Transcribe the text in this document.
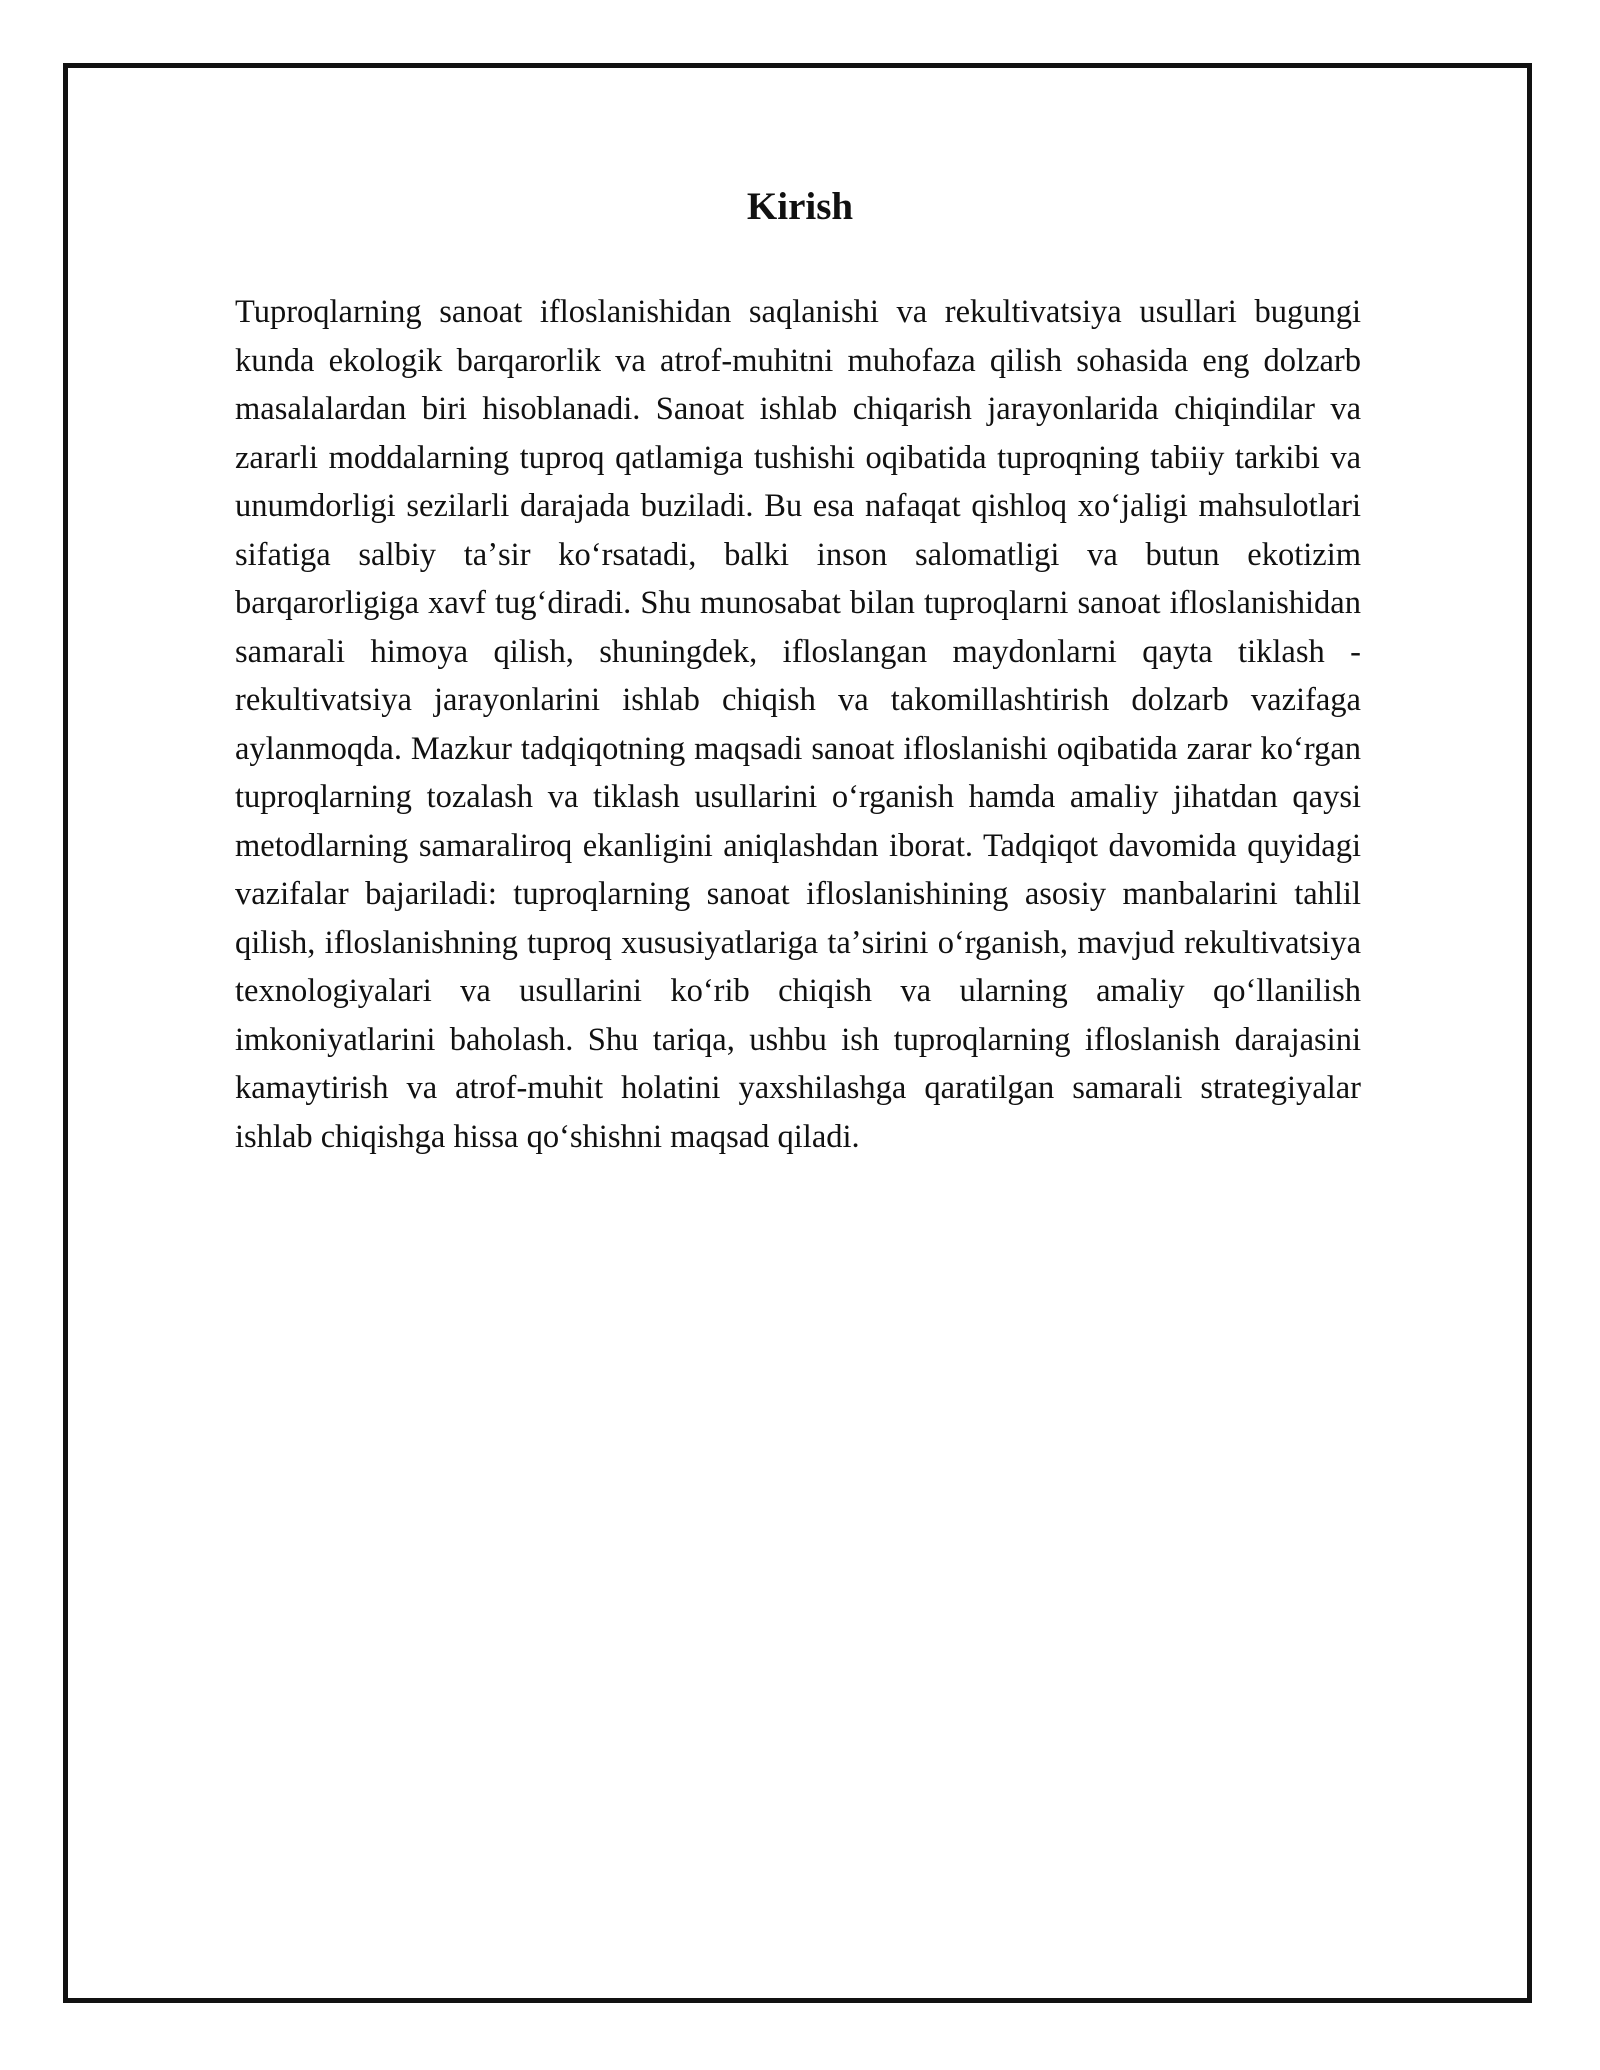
Kirish

Tuproqlarning sanoat ifloslanishidan saqlanishi va rekultivatsiya usullari bugungi kunda ekologik barqarorlik va atrof-muhitni muhofaza qilish sohasida eng dolzarb masalalardan biri hisoblanadi. Sanoat ishlab chiqarish jarayonlarida chiqindilar va zararli moddalarning tuproq qatlamiga tushishi oqibatida tuproqning tabiiy tarkibi va unumdorligi sezilarli darajada buziladi. Bu esa nafaqat qishloq xoʻjaligi mahsulotlari sifatiga salbiy taʼsir koʻrsatadi, balki inson salomatligi va butun ekotizim barqarorligiga xavf tugʻdiradi. Shu munosabat bilan tuproqlarni sanoat ifloslanishidan samarali himoya qilish, shuningdek, ifloslangan maydonlarni qayta tiklash - rekultivatsiya jarayonlarini ishlab chiqish va takomillashtirish dolzarb vazifaga aylanmoqda. Mazkur tadqiqotning maqsadi sanoat ifloslanishi oqibatida zarar koʻrgan tuproqlarning tozalash va tiklash usullarini oʻrganish hamda amaliy jihatdan qaysi metodlarning samaraliroq ekanligini aniqlashdan iborat. Tadqiqot davomida quyidagi vazifalar bajariladi: tuproqlarning sanoat ifloslanishining asosiy manbalarini tahlil qilish, ifloslanishning tuproq xususiyatlariga taʼsirini oʻrganish, mavjud rekultivatsiya texnologiyalari va usullarini koʻrib chiqish va ularning amaliy qoʻllanilish imkoniyatlarini baholash. Shu tariqa, ushbu ish tuproqlarning ifloslanish darajasini kamaytirish va atrof-muhit holatini yaxshilashga qaratilgan samarali strategiyalar ishlab chiqishga hissa qoʻshishni maqsad qiladi.
